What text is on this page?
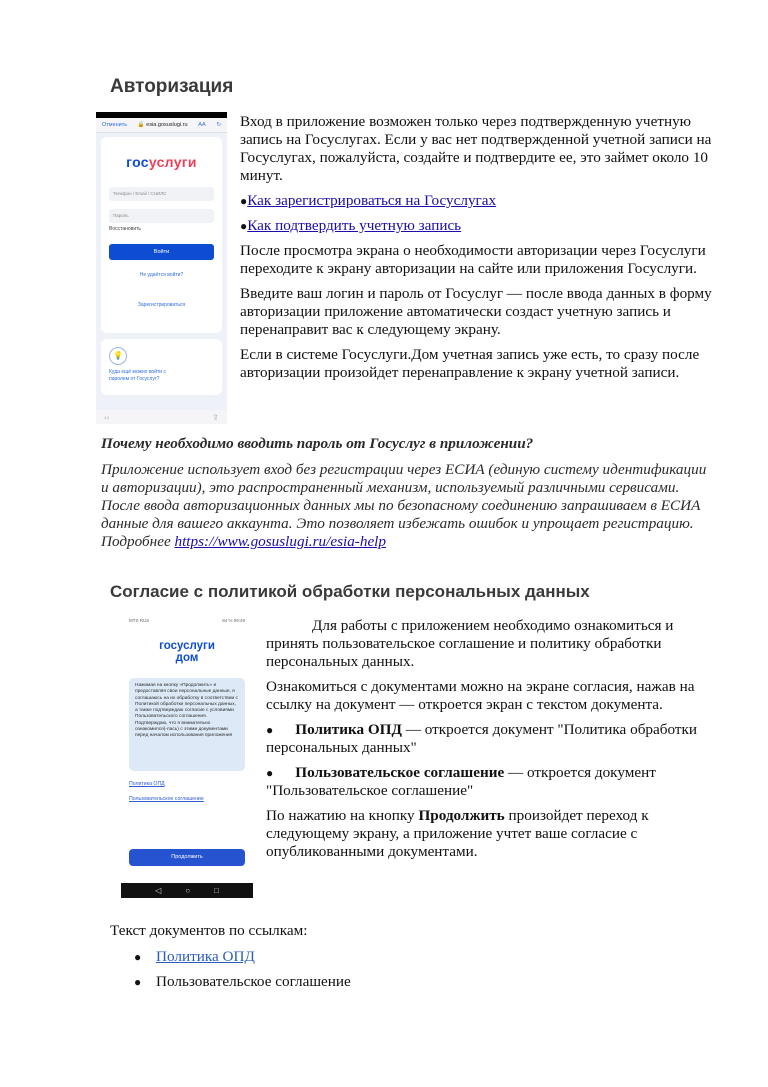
Авторизация
Отменить 🔒 esia.gosuslugi.ru AA ↻
госуслуги
Телефон / Email / СНИЛС
Пароль
Восстановить
Войти
Не удаётся войти?
Зарегистрироваться
💡
Куда ещё можно войти с паролем от Госуслуг?
‹ ›	⇪

Вход в приложение возможен только через подтвержденную учетную запись на Госуслугах. Если у вас нет подтвержденной учетной записи на Госуслугах, пожалуйста, создайте и подтвердите ее, это займет около 10 минут.

●Как зарегистрироваться на Госуслугах

●Как подтвердить учетную запись

После просмотра экрана о необходимости авторизации через Госуслуги переходите к экрану авторизации на сайте или приложения Госуслуги.

Введите ваш логин и пароль от Госуслуг — после ввода данных в форму авторизации приложение автоматически создаст учетную запись и перенаправит вас к следующему экрану.

Если в системе Госуслуги.Дом учетная запись уже есть, то сразу после авторизации произойдет перенаправление к экрану учетной записи.

Почему необходимо вводить пароль от Госуслуг в приложении?

Приложение использует вход без регистрации через ЕСИА (единую систему идентификации и авторизации), это распространенный механизм, используемый различными сервисами. После ввода авторизационных данных мы по безопасному соединению запрашиваем в ЕСИА данные для вашего аккаунта. Это позволяет избежать ошибок и упрощает регистрацию. Подробнее https://www.gosuslugi.ru/esia-help

Согласие с политикой обработки персональных данных
MTS RUS	84 % 09:49
госуслуги
дом
Нажимая на кнопку «Продолжить» и предоставляя свои персональные данные, я соглашаюсь на их обработку в соответствии с Политикой обработки персональных данных, а также подтверждаю согласие с условиями Пользовательского соглашения. Подтверждаю, что я внимательно ознакомился(-лась) с этими документами перед началом использования приложения
Политика ОПД
Пользовательское соглашение
Продолжить
◁	○	□

Для работы с приложением необходимо ознакомиться и принять пользовательское соглашение и политику обработки персональных данных.

Ознакомиться с документами можно на экране согласия, нажав на ссылку на документ — откроется экран с текстом документа.

● Политика ОПД — откроется документ "Политика обработки персональных данных"

● Пользовательское соглашение — откроется документ "Пользовательское соглашение"

По нажатию на кнопку Продолжить произойдет переход к следующему экрану, а приложение учтет ваше согласие с опубликованными документами.

Текст документов по ссылкам:

● Политика ОПД

● Пользовательское соглашение
